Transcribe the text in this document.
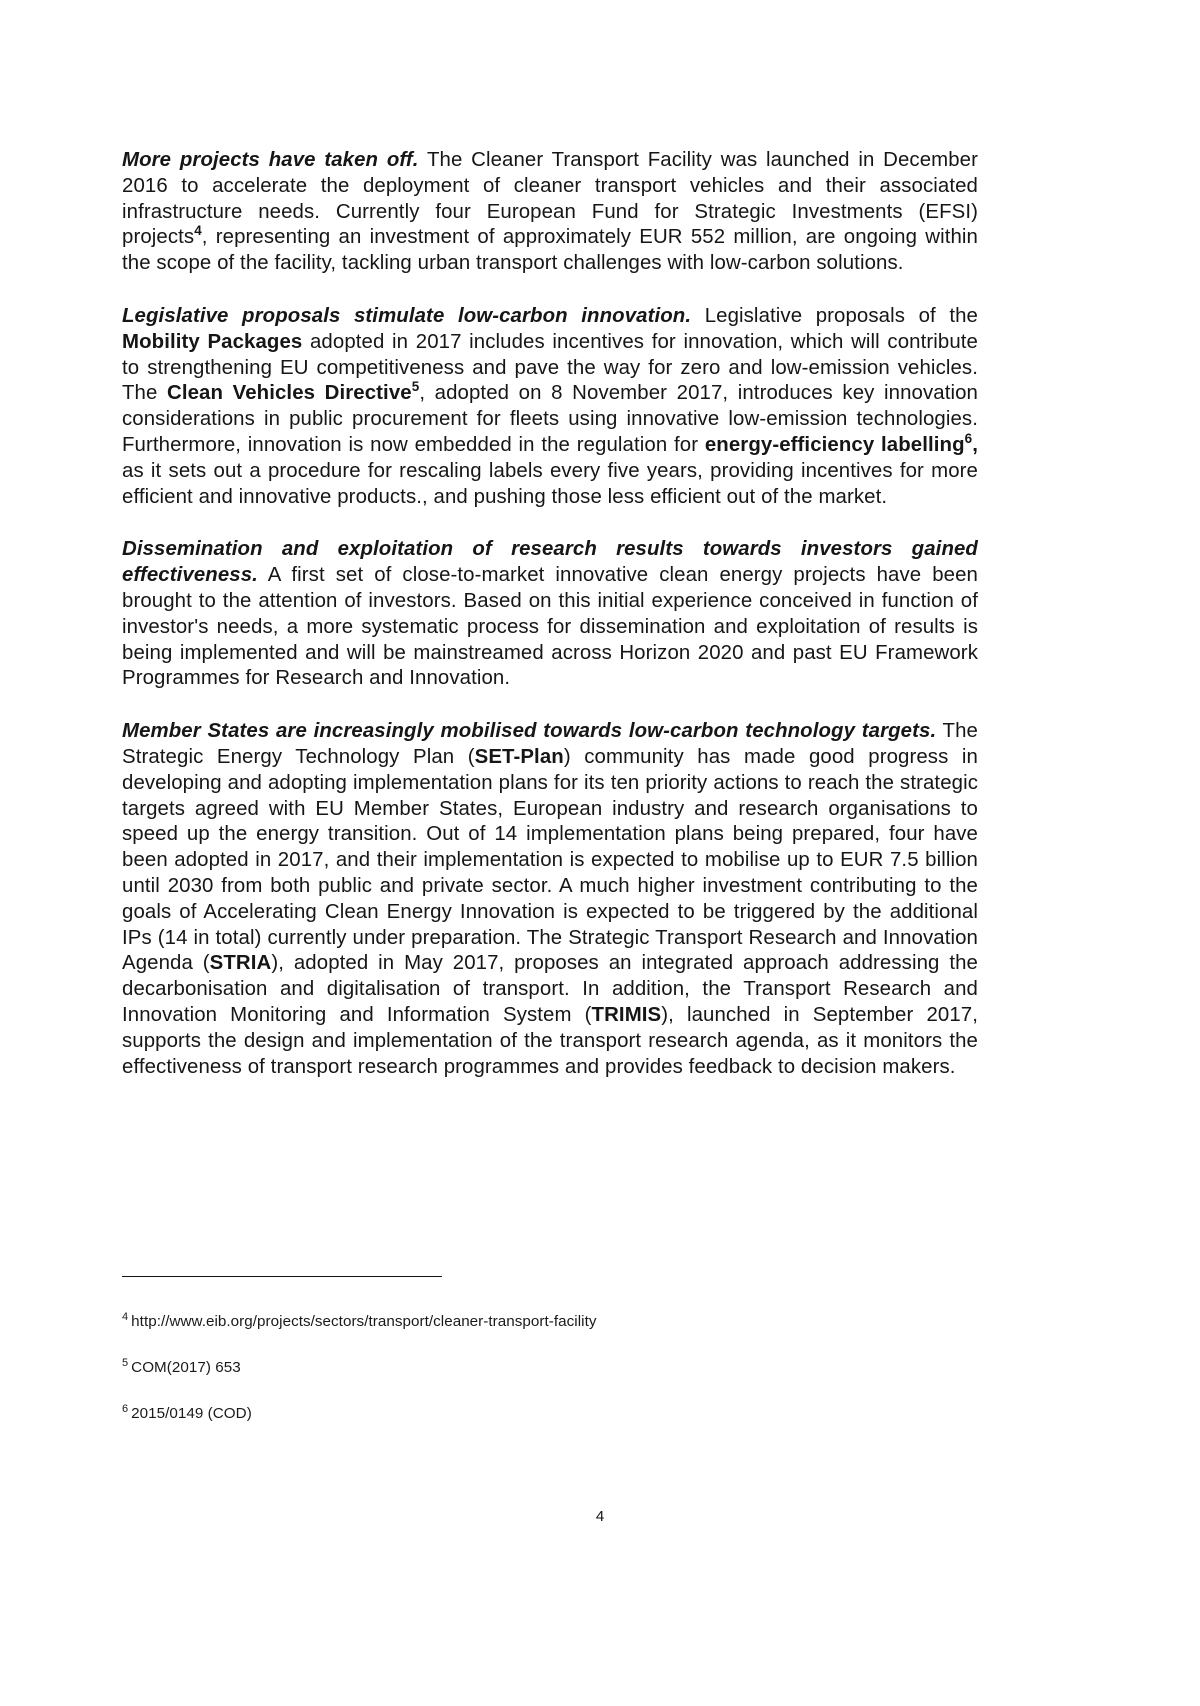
More projects have taken off. The Cleaner Transport Facility was launched in December 2016 to accelerate the deployment of cleaner transport vehicles and their associated infrastructure needs. Currently four European Fund for Strategic Investments (EFSI) projects$^4$, representing an investment of approximately EUR 552 million, are ongoing within the scope of the facility, tackling urban transport challenges with low-carbon solutions.

Legislative proposals stimulate low-carbon innovation. Legislative proposals of the Mobility Packages adopted in 2017 includes incentives for innovation, which will contribute to strengthening EU competitiveness and pave the way for zero and low-emission vehicles. The Clean Vehicles Directive$^5$, adopted on 8 November 2017, introduces key innovation considerations in public procurement for fleets using innovative low-emission technologies. Furthermore, innovation is now embedded in the regulation for energy-efficiency labelling$^6$, as it sets out a procedure for rescaling labels every five years, providing incentives for more efficient and innovative products., and pushing those less efficient out of the market.

Dissemination and exploitation of research results towards investors gained effectiveness. A first set of close-to-market innovative clean energy projects have been brought to the attention of investors. Based on this initial experience conceived in function of investor's needs, a more systematic process for dissemination and exploitation of results is being implemented and will be mainstreamed across Horizon 2020 and past EU Framework Programmes for Research and Innovation.

Member States are increasingly mobilised towards low-carbon technology targets. The Strategic Energy Technology Plan (SET-Plan) community has made good progress in developing and adopting implementation plans for its ten priority actions to reach the strategic targets agreed with EU Member States, European industry and research organisations to speed up the energy transition. Out of 14 implementation plans being prepared, four have been adopted in 2017, and their implementation is expected to mobilise up to EUR 7.5 billion until 2030 from both public and private sector. A much higher investment contributing to the goals of Accelerating Clean Energy Innovation is expected to be triggered by the additional IPs (14 in total) currently under preparation. The Strategic Transport Research and Innovation Agenda (STRIA), adopted in May 2017, proposes an integrated approach addressing the decarbonisation and digitalisation of transport. In addition, the Transport Research and Innovation Monitoring and Information System (TRIMIS), launched in September 2017, supports the design and implementation of the transport research agenda, as it monitors the effectiveness of transport research programmes and provides feedback to decision makers.

$^4$ http://www.eib.org/projects/sectors/transport/cleaner-transport-facility
$^5$ COM(2017) 653
$^6$ 2015/0149 (COD)
4
